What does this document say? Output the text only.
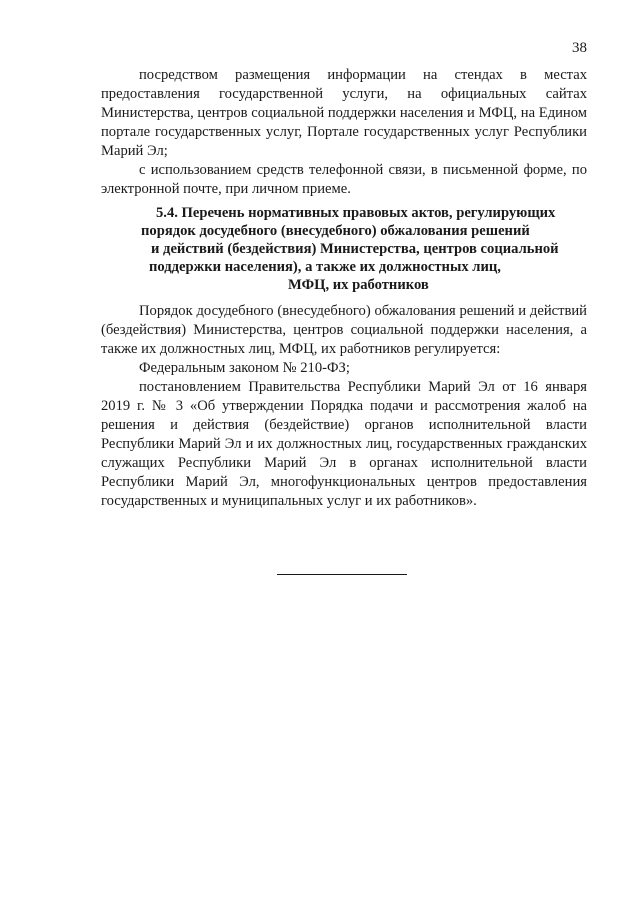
38

посредством размещения информации на стендах в местах предоставления государственной услуги, на официальных сайтах Министерства, центров социальной поддержки населения и МФЦ, на Едином портале государственных услуг, Портале государственных услуг Республики Марий Эл;

с использованием средств телефонной связи, в письменной форме, по электронной почте, при личном приеме.

5.4. Перечень нормативных правовых актов, регулирующих
порядок досудебного (внесудебного) обжалования решений
и действий (бездействия) Министерства, центров социальной
поддержки населения), а также их должностных лиц,
МФЦ, их работников

Порядок досудебного (внесудебного) обжалования решений и действий (бездействия) Министерства, центров социальной поддержки населения, а также их должностных лиц, МФЦ, их работников регулируется:

Федеральным законом № 210-ФЗ;

постановлением Правительства Республики Марий Эл от 16 января 2019 г. № 3 «Об утверждении Порядка подачи и рассмотрения жалоб на решения и действия (бездействие) органов исполнительной власти Республики Марий Эл и их должностных лиц, государственных гражданских служащих Республики Марий Эл в органах исполнительной власти Республики Марий Эл, многофункциональных центров предоставления государственных и муниципальных услуг и их работников».
